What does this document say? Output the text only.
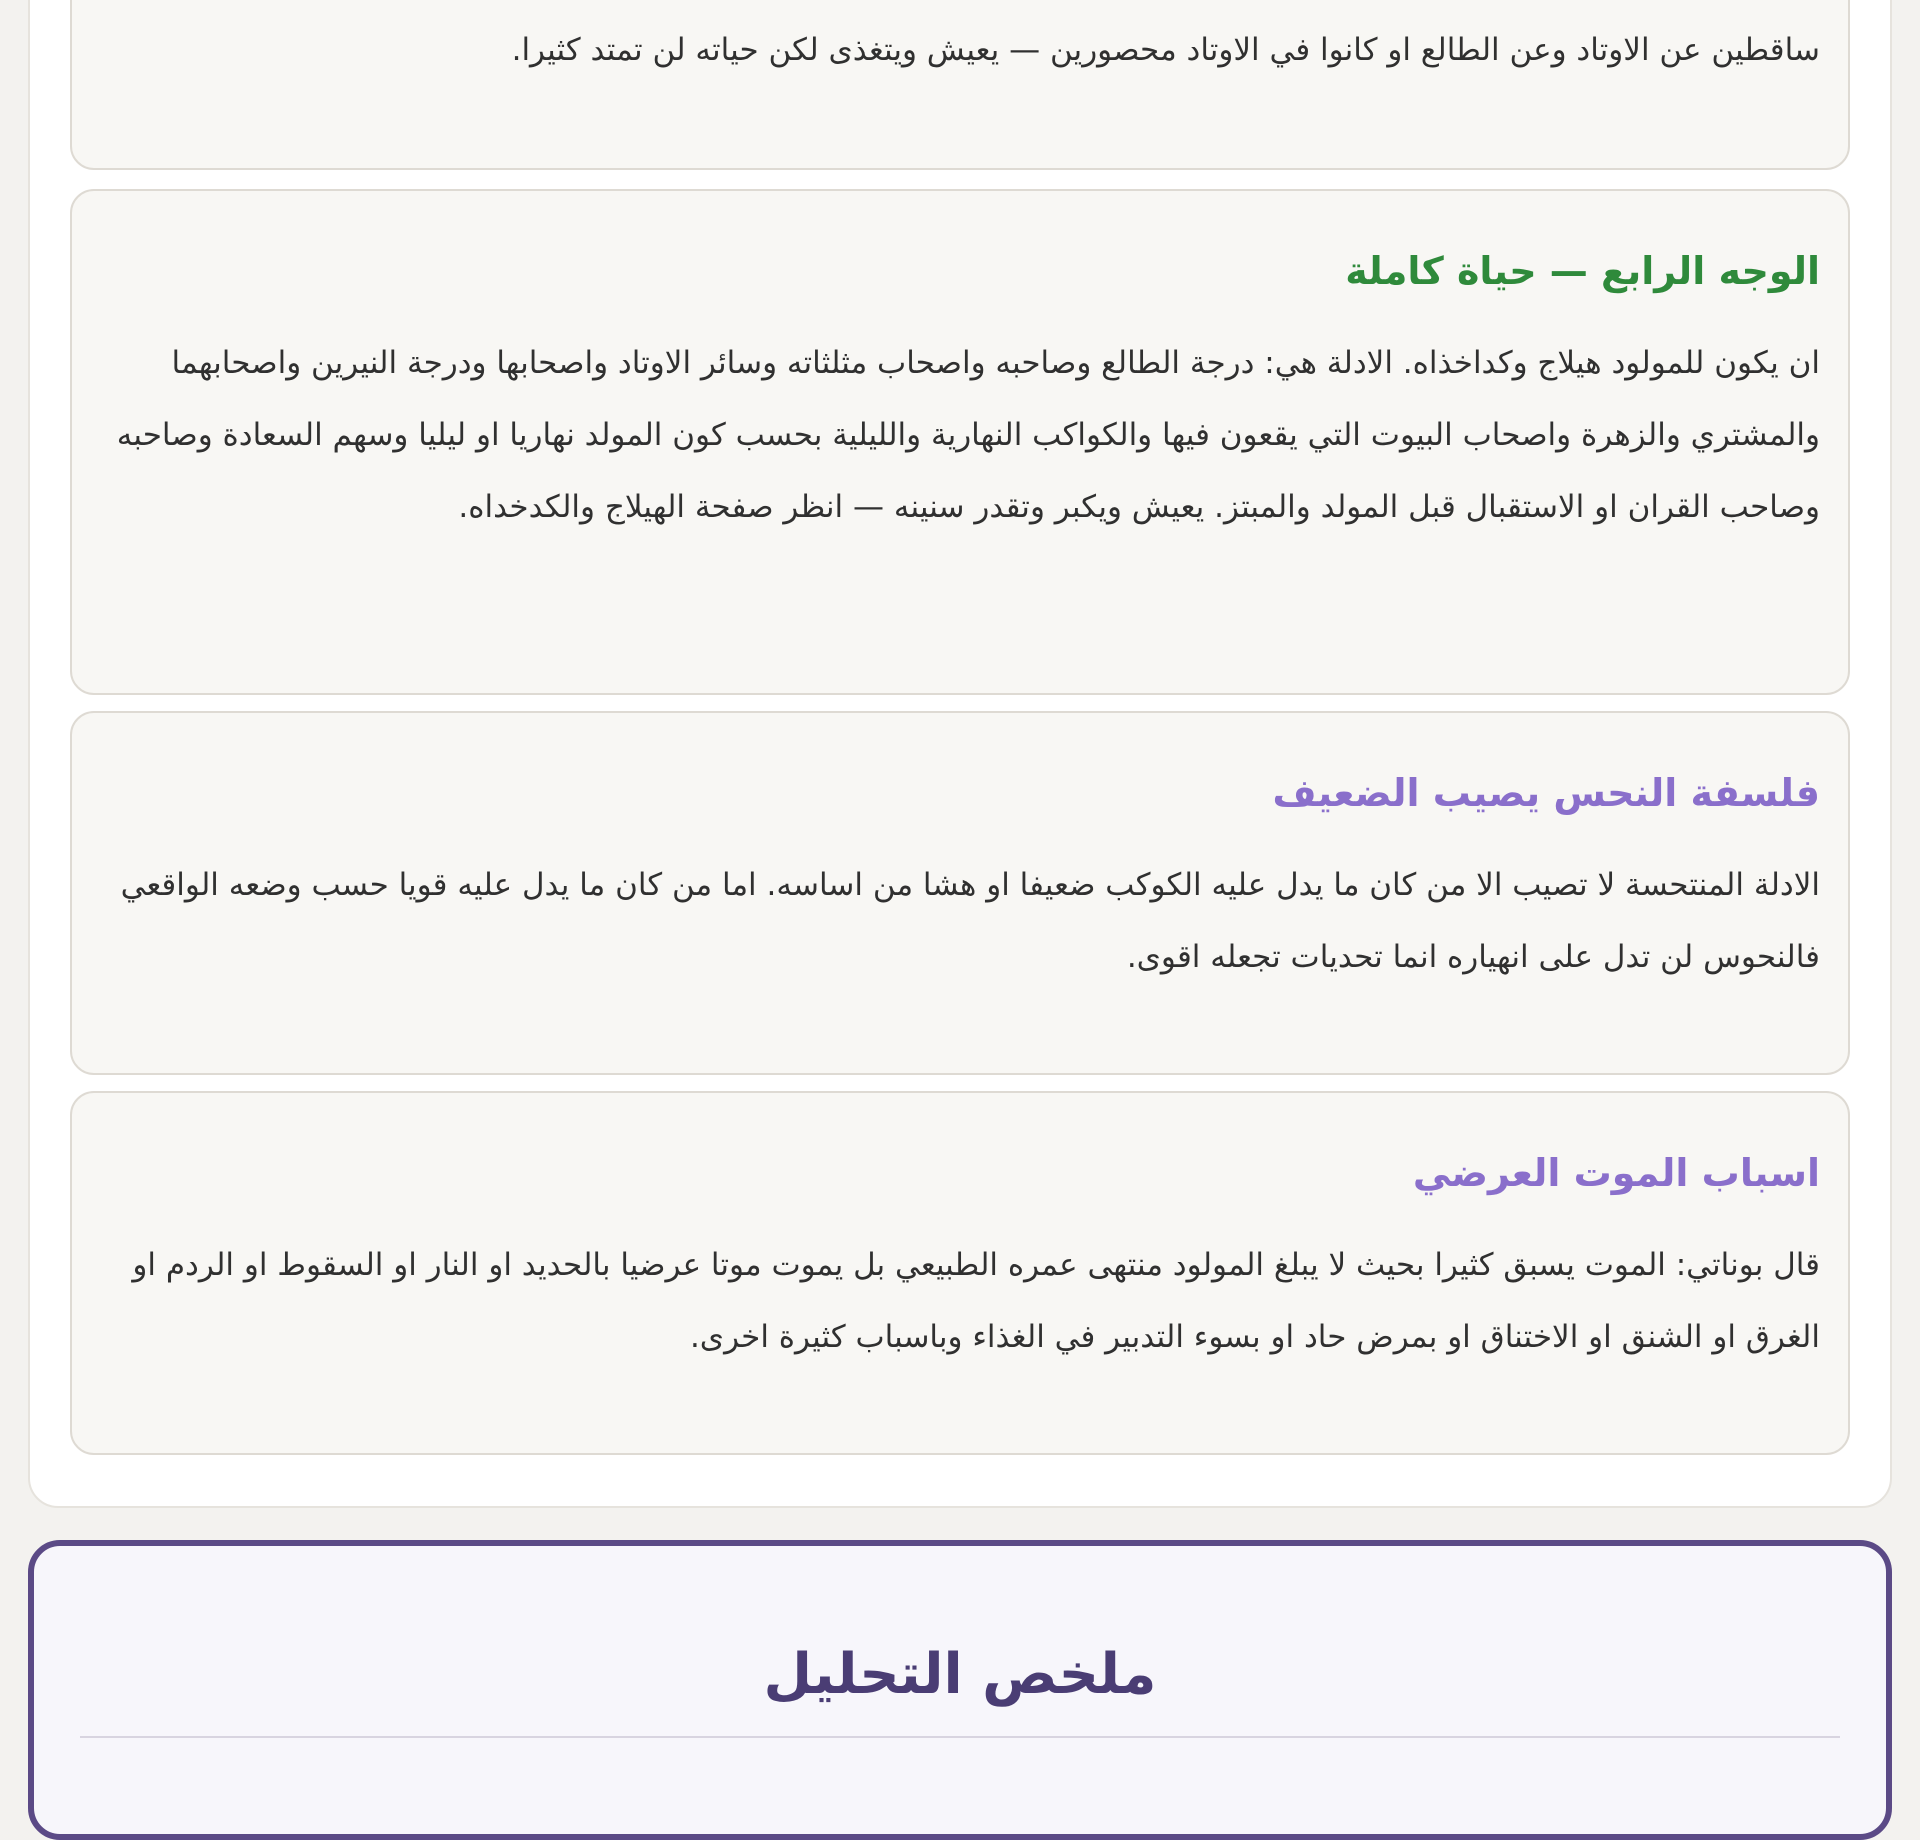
ساقطين عن الاوتاد وعن الطالع او كانوا في الاوتاد محصورين — يعيش ويتغذى لكن حياته لن تمتد كثيرا.

الوجه الرابع — حياة كاملة

ان يكون للمولود هيلاج وكداخذاه. الادلة هي: درجة الطالع وصاحبه واصحاب مثلثاته وسائر الاوتاد واصحابها ودرجة النيرين واصحابهما والمشتري والزهرة واصحاب البيوت التي يقعون فيها والكواكب النهارية والليلية بحسب كون المولد نهاريا او ليليا وسهم السعادة وصاحبه وصاحب القران او الاستقبال قبل المولد والمبتز. يعيش ويكبر وتقدر سنينه — انظر صفحة الهيلاج والكدخداه.

فلسفة النحس يصيب الضعيف

الادلة المنتحسة لا تصيب الا من كان ما يدل عليه الكوكب ضعيفا او هشا من اساسه. اما من كان ما يدل عليه قويا حسب وضعه الواقعي فالنحوس لن تدل على انهياره انما تحديات تجعله اقوى.

اسباب الموت العرضي

قال بوناتي: الموت يسبق كثيرا بحيث لا يبلغ المولود منتهى عمره الطبيعي بل يموت موتا عرضيا بالحديد او النار او السقوط او الردم او الغرق او الشنق او الاختناق او بمرض حاد او بسوء التدبير في الغذاء وباسباب كثيرة اخرى.

ملخص التحليل
